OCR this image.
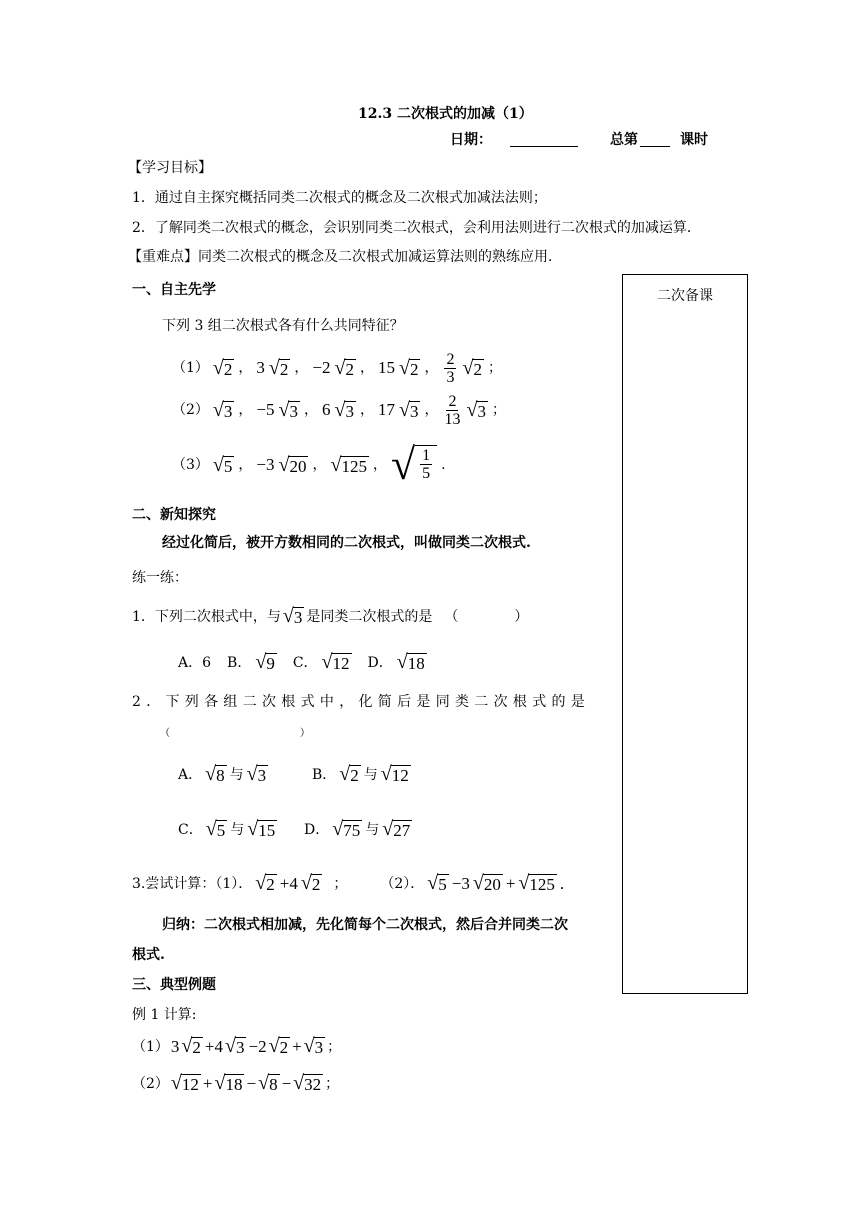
12.3 二次根式的加减（1）
日期：	总第	课时
【学习目标】
1．通过自主探究概括同类二次根式的概念及二次根式加减法法则；
2．了解同类二次根式的概念，会识别同类二次根式，会利用法则进行二次根式的加减运算．
【重难点】同类二次根式的概念及二次根式加减运算法则的熟练应用．
二次备课
一、自主先学
下列 3 组二次根式各有什么共同特征？
（1） √ 2 ， 3 √ 2 ， −2 √ 2 ， 15 √ 2 ， $\frac{2}{3}$ √ 2 ；
（2） √ 3 ， −5 √ 3 ， 6 √ 3 ， 17 √ 3 ， $\frac{2}{13}$ √ 3 ；
（3） √ 5 ， −3 √ 20 ， √ 125 ， √ $\frac{1}{5}$ .
二、新知探究
经过化简后，被开方数相同的二次根式，叫做同类二次根式.
练一练：
1．下列二次根式中，与 √ 3 是同类二次根式的是 （　　　　）
A．6 B． √ 9 C． √ 12 D． √ 18
2．下列各组二次根式中，化简后是同类二次根式的是
（　　　　　　　　　　　　　）
A． √ 8 与 √ 3	B． √ 2 与 √ 12
C． √ 5 与 √ 15 D． √ 75 与 √ 27
3.尝试计算：（1）． √ 2 +4 √ 2 ； （2）． √ 5 −3 √ 20 + √ 125 .
归纳：二次根式相加减，先化简每个二次根式，然后合并同类二次
根式.
三、典型例题
例 1 计算:
（1） 3 √ 2 +4 √ 3 −2 √ 2 + √ 3 ；
（2） √ 12 + √ 18 − √ 8 − √ 32 ；
